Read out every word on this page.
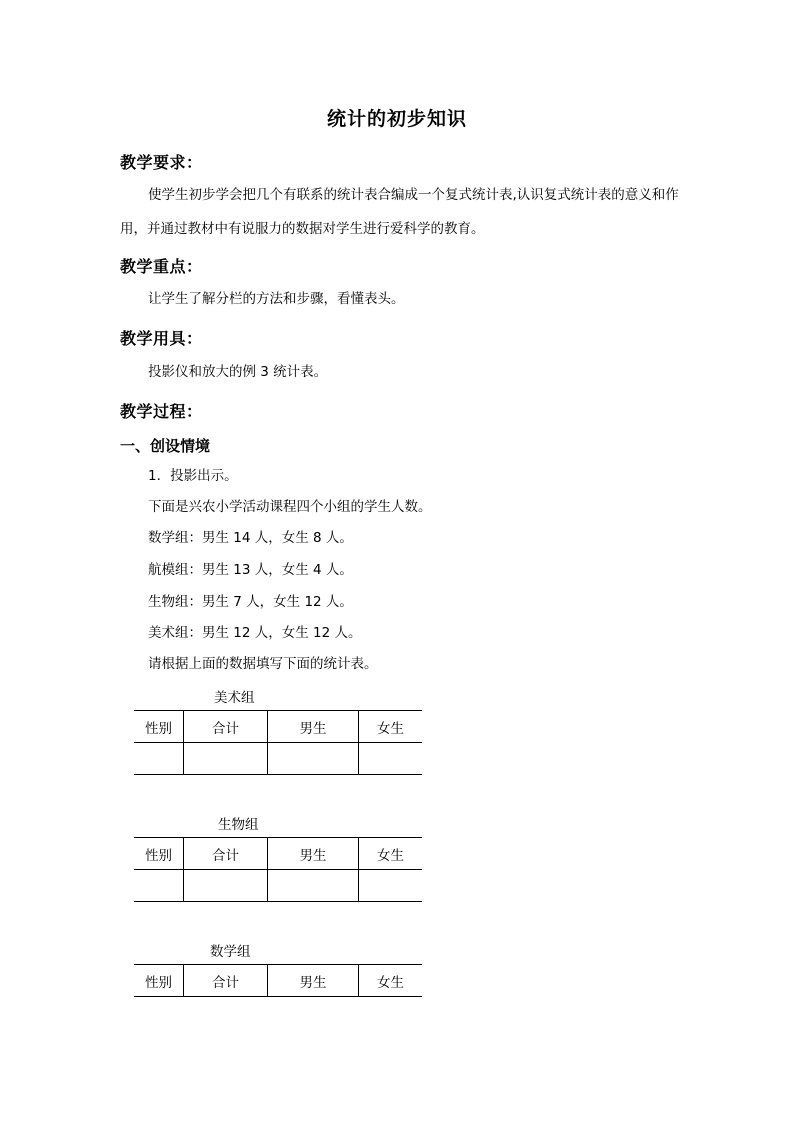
统计的初步知识
教学要求：
使学生初步学会把几个有联系的统计表合编成一个复式统计表,认识复式统计表的意义和作用，并通过教材中有说服力的数据对学生进行爱科学的教育。
教学重点：
让学生了解分栏的方法和步骤，看懂表头。
教学用具：
投影仪和放大的例 3 统计表。
教学过程：
一、创设情境
1．投影出示。
下面是兴农小学活动课程四个小组的学生人数。
数学组：男生 14 人，女生 8 人。
航模组：男生 13 人，女生 4 人。
生物组：男生 7 人，女生 12 人。
美术组：男生 12 人，女生 12 人。
请根据上面的数据填写下面的统计表。
美术组
性别	合计	男生	女生

生物组
性别	合计	男生	女生

数学组
性别	合计	男生	女生
